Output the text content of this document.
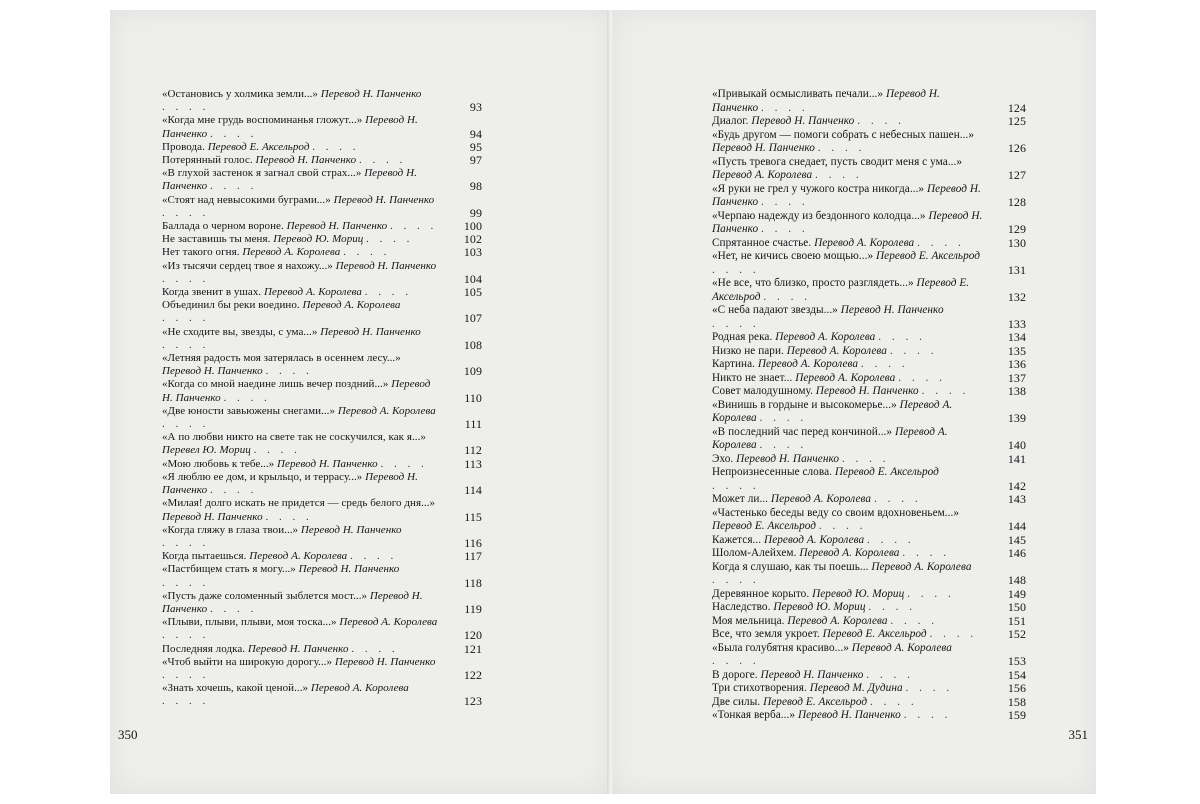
«Остановись у холмика земли...» Перевод Н. Панченко . . . .	93
«Когда мне грудь воспоминанья гложут...» Перевод Н. Панченко . . . .	94
Провода. Перевод Е. Аксельрод . . . .	95
Потерянный голос. Перевод Н. Панченко . . . .	97
«В глухой застенок я загнал свой страх...» Перевод Н. Панченко . . . .	98
«Стоят над невысокими буграми...» Перевод Н. Панченко . . . .	99
Баллада о черном вороне. Перевод Н. Панченко . . . .	100
Не заставишь ты меня. Перевод Ю. Мориц . . . .	102
Нет такого огня. Перевод А. Королева . . . .	103
«Из тысячи сердец твое я нахожу...» Перевод Н. Панченко . . . .	104
Когда звенит в ушах. Перевод А. Королева . . . .	105
Объединил бы реки воедино. Перевод А. Королева . . . .	107
«Не сходите вы, звезды, с ума...» Перевод Н. Панченко . . . .	108
«Летняя радость моя затерялась в осеннем лесу...» Перевод Н. Панченко . . . .	109
«Когда со мной наедине лишь вечер поздний...» Перевод Н. Панченко . . . .	110
«Две юности завьюжены снегами...» Перевод А. Королева . . . .	111
«А по любви никто на свете так не соскучился, как я...» Перевел Ю. Мориц . . . .	112
«Мою любовь к тебе...» Перевод Н. Панченко . . . .	113
«Я люблю ее дом, и крыльцо, и террасу...» Перевод Н. Панченко . . . .	114
«Милая! долго искать не придется — средь белого дня...» Перевод Н. Панченко . . . .	115
«Когда гляжу в глаза твои...» Перевод Н. Панченко . . . .	116
Когда пытаешься. Перевод А. Королева . . . .	117
«Пастбищем стать я могу...» Перевод Н. Панченко . . . .	118
«Пусть даже соломенный зыблется мост...» Перевод Н. Панченко . . . .	119
«Плыви, плыви, плыви, моя тоска...» Перевод А. Королева . . . .	120
Последняя лодка. Перевод Н. Панченко . . . .	121
«Чтоб выйти на широкую дорогу...» Перевод Н. Панченко . . . .	122
«Знать хочешь, какой ценой...» Перевод А. Королева . . . .	123
350
«Привыкай осмысливать печали...» Перевод Н. Панченко . . . .	124
Диалог. Перевод Н. Панченко . . . .	125
«Будь другом — помоги собрать с небесных пашен...» Перевод Н. Панченко . . . .	126
«Пусть тревога снедает, пусть сводит меня с ума...» Перевод А. Королева . . . .	127
«Я руки не грел у чужого костра никогда...» Перевод Н. Панченко . . . .	128
«Черпаю надежду из бездонного колодца...» Перевод Н. Панченко . . . .	129
Спрятанное счастье. Перевод А. Королева . . . .	130
«Нет, не кичись своею мощью...» Перевод Е. Аксельрод . . . .	131
«Не все, что близко, просто разглядеть...» Перевод Е. Аксельрод . . . .	132
«С неба падают звезды...» Перевод Н. Панченко . . . .	133
Родная река. Перевод А. Королева . . . .	134
Низко не пари. Перевод А. Королева . . . .	135
Картина. Перевод А. Королева . . . .	136
Никто не знает... Перевод А. Королева . . . .	137
Совет малодушному. Перевод Н. Панченко . . . .	138
«Винишь в гордыне и высокомерье...» Перевод А. Королева . . . .	139
«В последний час перед кончиной...» Перевод А. Королева . . . .	140
Эхо. Перевод Н. Панченко . . . .	141
Непроизнесенные слова. Перевод Е. Аксельрод . . . .	142
Может ли... Перевод А. Королева . . . .	143
«Частенько беседы веду со своим вдохновеньем...» Перевод Е. Аксельрод . . . .	144
Кажется... Перевод А. Королева . . . .	145
Шолом-Алейхем. Перевод А. Королева . . . .	146
Когда я слушаю, как ты поешь... Перевод А. Королева . . . .	148
Деревянное корыто. Перевод Ю. Мориц . . . .	149
Наследство. Перевод Ю. Мориц . . . .	150
Моя мельница. Перевод А. Королева . . . .	151
Все, что земля укроет. Перевод Е. Аксельрод . . . .	152
«Была голубятня красиво...» Перевод А. Королева . . . .	153
В дороге. Перевод Н. Панченко . . . .	154
Три стихотворения. Перевод М. Дудина . . . .	156
Две силы. Перевод Е. Аксельрод . . . .	158
«Тонкая верба...» Перевод Н. Панченко . . . .	159
351
